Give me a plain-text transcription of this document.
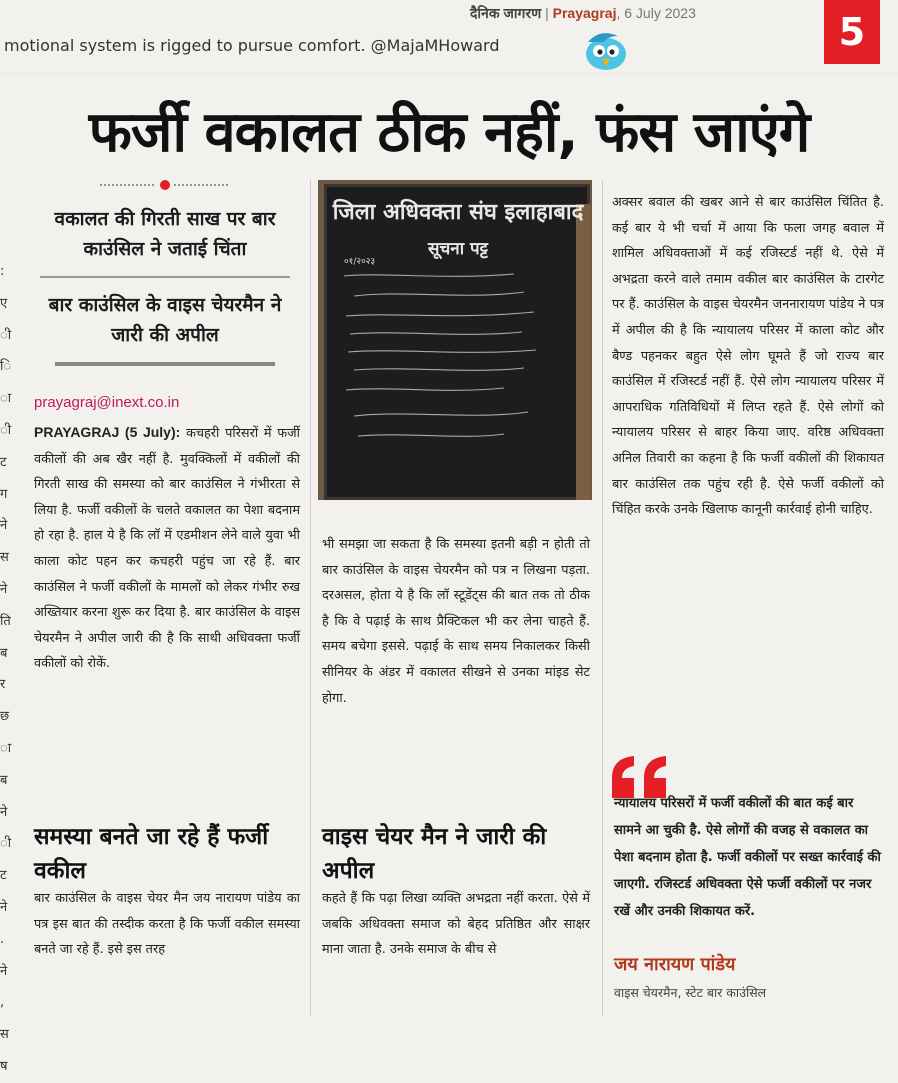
दैनिक जागरण | Prayagraj, 6 July 2023	5
motional system is rigged to pursue comfort. @MajaMHoward
फर्जी वकालत ठीक नहीं, फंस जाएंगे
वकालत की गिरती साख पर बार काउंसिल ने जताई चिंता
बार काउंसिल के वाइस चेयरमैन ने जारी की अपील
prayagraj@inext.co.in
:
ए
ी
ि
ा
ी
ट
ग
ने
स
ने
ति
ब
र
छ
ा
ब
ने
ी
ट
ने
.
ने
,
स
ष

PRAYAGRAJ (5 July): कचहरी परिसरों में फर्जी वकीलों की अब खैर नहीं है. मुवक्किलों में वकीलों की गिरती साख की समस्या को बार काउंसिल ने गंभीरता से लिया है. फर्जी वकीलों के चलते वकालत का पेशा बदनाम हो रहा है. हाल ये है कि लॉ में एडमीशन लेने वाले युवा भी काला कोट पहन कर कचहरी पहुंच जा रहे हैं. बार काउंसिल ने फर्जी वकीलों के मामलों को लेकर गंभीर रुख अख्तियार करना शुरू कर दिया है. बार काउंसिल के वाइस चेयरमैन ने अपील जारी की है कि साथी अधिवक्ता फर्जी वकीलों को रोकें.

०१/२०२३
जिला अधिवक्ता संघ इलाहाबाद
सूचना पट्ट

भी समझा जा सकता है कि समस्या इतनी बड़ी न होती तो बार काउंसिल के वाइस चेयरमैन को पत्र न लिखना पड़ता. दरअसल, होता ये है कि लॉ स्टूडेंट्स की बात तक तो ठीक है कि वे पढ़ाई के साथ प्रैक्टिकल भी कर लेना चाहते हैं. समय बचेगा इससे. पढ़ाई के साथ समय निकालकर किसी सीनियर के अंडर में वकालत सीखने से उनका मांइड सेट होगा.

अक्सर बवाल की खबर आने से बार काउंसिल चिंतित है. कई बार ये भी चर्चा में आया कि फला जगह बवाल में शामिल अधिवक्ताओं में कई रजिस्टर्ड नहीं थे. ऐसे में अभद्रता करने वाले तमाम वकील बार काउंसिल के टारगेट पर हैं. काउंसिल के वाइस चेयरमैन जननारायण पांडेय ने पत्र में अपील की है कि न्यायालय परिसर में काला कोट और बैण्ड पहनकर बहुत ऐसे लोग घूमते हैं जो राज्य बार काउंसिल में रजिस्टर्ड नहीं हैं. ऐसे लोग न्यायालय परिसर में आपराधिक गतिविधियों में लिप्त रहते हैं. ऐसे लोगों को न्यायालय परिसर से बाहर किया जाए. वरिष्ठ अधिवक्ता अनिल तिवारी का कहना है कि फर्जी वकीलों की शिकायत बार काउंसिल तक पहुंच रही है. ऐसे फर्जी वकीलों को चिंहित करके उनके खिलाफ कानूनी कार्रवाई होनी चाहिए.

समस्या बनते जा रहे हैं फर्जी वकील
वाइस चेयर मैन ने जारी की अपील
बार काउंसिल के वाइस चेयर मैन जय नारायण पांडेय का पत्र इस बात की तस्दीक करता है कि फर्जी वकील समस्या बनते जा रहे हैं. इसे इस तरह
कहते हैं कि पढ़ा लिखा व्यक्ति अभद्रता नहीं करता. ऐसे में जबकि अधिवक्ता समाज को बेहद प्रतिष्ठित और साक्षर माना जाता है. उनके समाज के बीच से
न्यायालय परिसरों में फर्जी वकीलों की बात कई बार सामने आ चुकी है. ऐसे लोगों की वजह से वकालत का पेशा बदनाम होता है. फर्जी वकीलों पर सख्त कार्रवाई की जाएगी. रजिस्टर्ड अधिवक्ता ऐसे फर्जी वकीलों पर नजर रखें और उनकी शिकायत करें.
जय नारायण पांडेय
वाइस चेयरमैन, स्टेट बार काउंसिल
